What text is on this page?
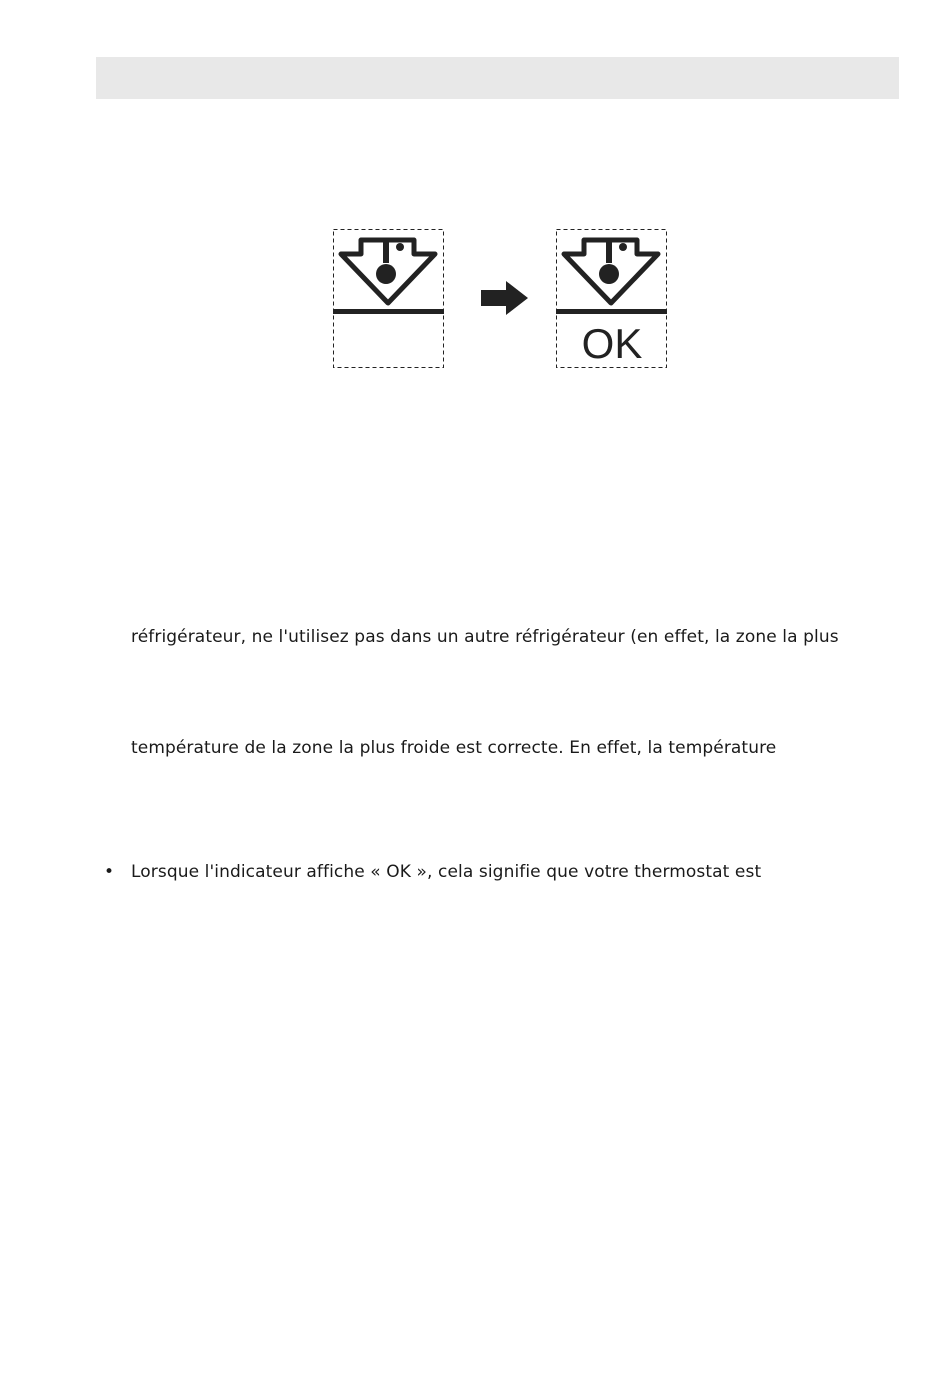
OK
réfrigérateur, ne l'utilisez pas dans un autre réfrigérateur (en effet, la zone la plus
température de la zone la plus froide est correcte. En effet, la température
• Lorsque l'indicateur affiche « OK », cela signifie que votre thermostat est
